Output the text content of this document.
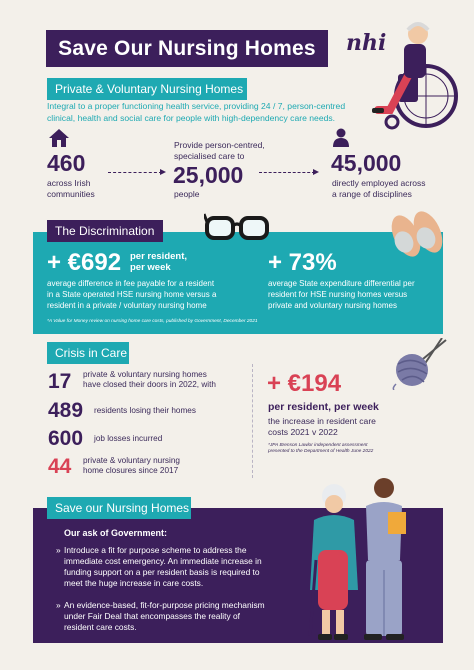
Save Our Nursing Homes	nhi
Private & Voluntary Nursing Homes
Integral to a proper functioning health service, providing 24 / 7, person-centred clinical, health and social care for people with high-dependency care needs.
460
across Irish
communities
Provide person-centred,
specialised care to
25,000
people
45,000
directly employed across
a range of disciplines
The Discrimination
+ €692 per resident,
per week
average difference in fee payable for a resident
in a State operated HSE nursing home versus a
resident in a private / voluntary nursing home
+ 73%
average State expenditure differential per
resident for HSE nursing homes versus
private and voluntary nursing homes
*A Value for Money review on nursing home care costs, published by Government, December 2021
Crisis in Care
17 private & voluntary nursing homes
have closed their doors in 2022, with
489 residents losing their homes
600 job losses incurred
44 private & voluntary nursing
home closures since 2017
+ €194
per resident, per week
the increase in resident care
costs 2021 v 2022
*JPA Brenson Lawlor independent assessment
presented to the Department of Health June 2022
Save our Nursing Homes
Our ask of Government:
» Introduce a fit for purpose scheme to address the
immediate cost emergency. An immediate increase in
funding support on a per resident basis is required to
meet the huge increase in care costs.
» An evidence-based, fit-for-purpose pricing mechanism
under Fair Deal that encompasses the reality of
resident care costs.
